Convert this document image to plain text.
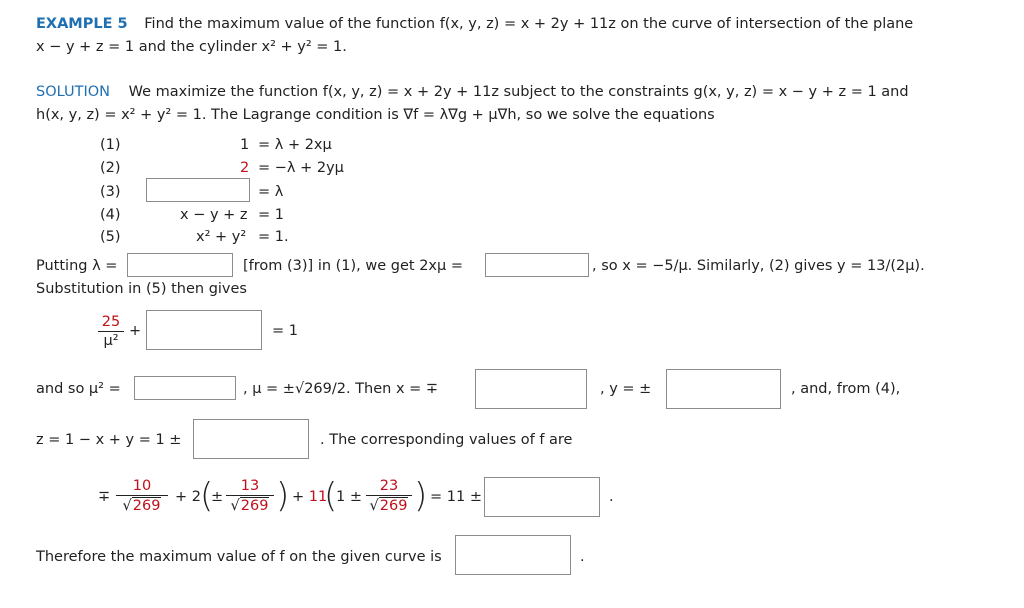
EXAMPLE 5 Find the maximum value of the function f(x, y, z) = x + 2y + 11z on the curve of intersection of the plane
x − y + z = 1 and the cylinder x² + y² = 1.
SOLUTION We maximize the function f(x, y, z) = x + 2y + 11z subject to the constraints g(x, y, z) = x − y + z = 1 and
h(x, y, z) = x² + y² = 1. The Lagrange condition is ∇f = λ∇g + μ∇h, so we solve the equations
(1)	1 = λ + 2xμ
(2)	2 = −λ + 2yμ
(3)	= λ
(4)	x − y + z = 1
(5)	x² + y² = 1.
Putting λ =	[from (3)] in (1), we get 2xμ =	, so x = −5/μ. Similarly, (2) gives y = 13/(2μ).
Substitution in (5) then gives
25
μ²
+	= 1
and so μ² =	, μ = ±√269/2. Then x = ∓	, y = ±	, and, from (4),
z = 1 − x + y = 1 ±	. The corresponding values of f are
∓
10
√269
+ 2 (
±
13
√269 ) + 11
(
1 ±
23
√269 ) = 11 ±	.
Therefore the maximum value of f on the given curve is	.
